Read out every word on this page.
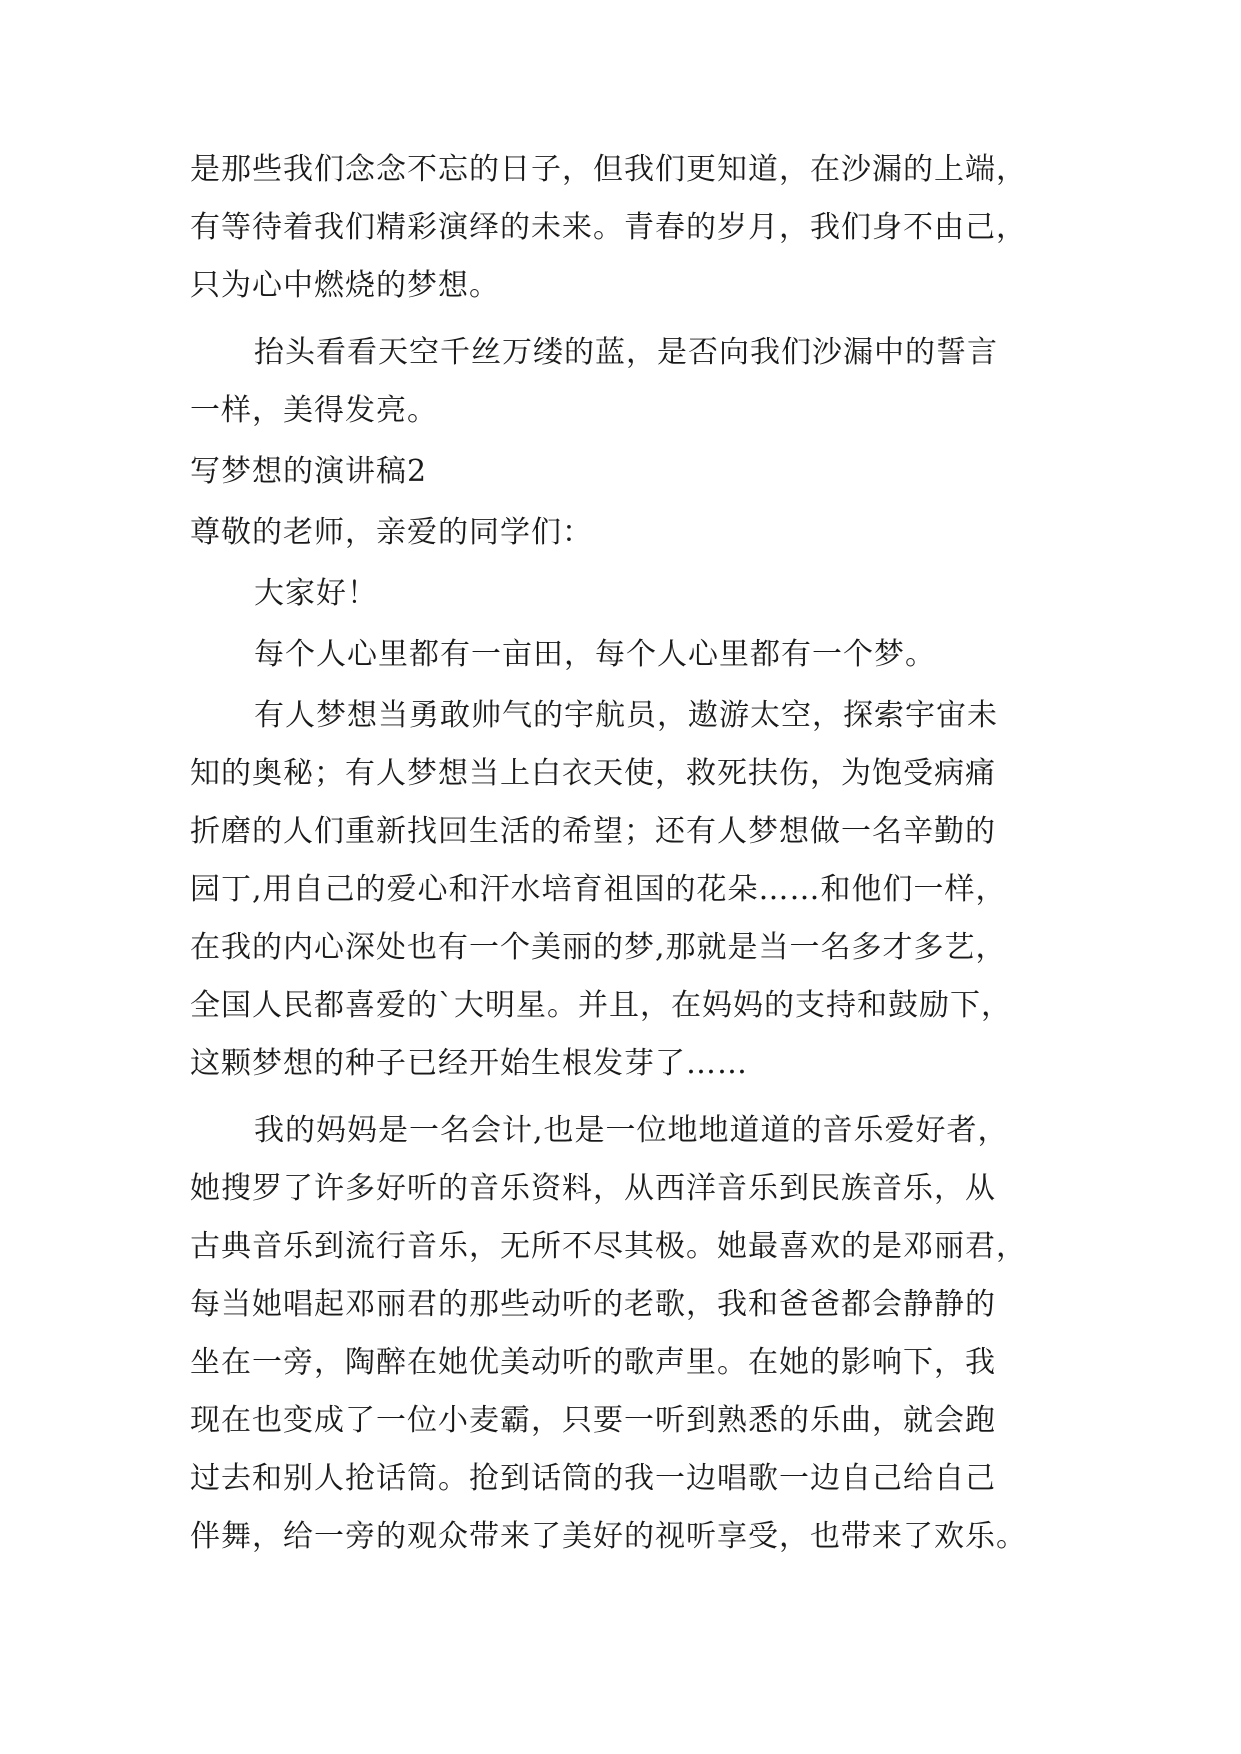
是那些我们念念不忘的日子，但我们更知道，在沙漏的上端，
有等待着我们精彩演绎的未来。青春的岁月，我们身不由己，
只为心中燃烧的梦想。
抬头看看天空千丝万缕的蓝，是否向我们沙漏中的誓言
一样，美得发亮。
写梦想的演讲稿2
尊敬的老师，亲爱的同学们：
大家好！
每个人心里都有一亩田，每个人心里都有一个梦。
有人梦想当勇敢帅气的宇航员，遨游太空，探索宇宙未
知的奥秘；有人梦想当上白衣天使，救死扶伤，为饱受病痛
折磨的人们重新找回生活的希望；还有人梦想做一名辛勤的
园丁,用自己的爱心和汗水培育祖国的花朵……和他们一样，
在我的内心深处也有一个美丽的梦,那就是当一名多才多艺，
全国人民都喜爱的`大明星。并且，在妈妈的支持和鼓励下，
这颗梦想的种子已经开始生根发芽了……
我的妈妈是一名会计,也是一位地地道道的音乐爱好者，
她搜罗了许多好听的音乐资料，从西洋音乐到民族音乐，从
古典音乐到流行音乐，无所不尽其极。她最喜欢的是邓丽君，
每当她唱起邓丽君的那些动听的老歌，我和爸爸都会静静的
坐在一旁，陶醉在她优美动听的歌声里。在她的影响下，我
现在也变成了一位小麦霸，只要一听到熟悉的乐曲，就会跑
过去和别人抢话筒。抢到话筒的我一边唱歌一边自己给自己
伴舞，给一旁的观众带来了美好的视听享受，也带来了欢乐。
